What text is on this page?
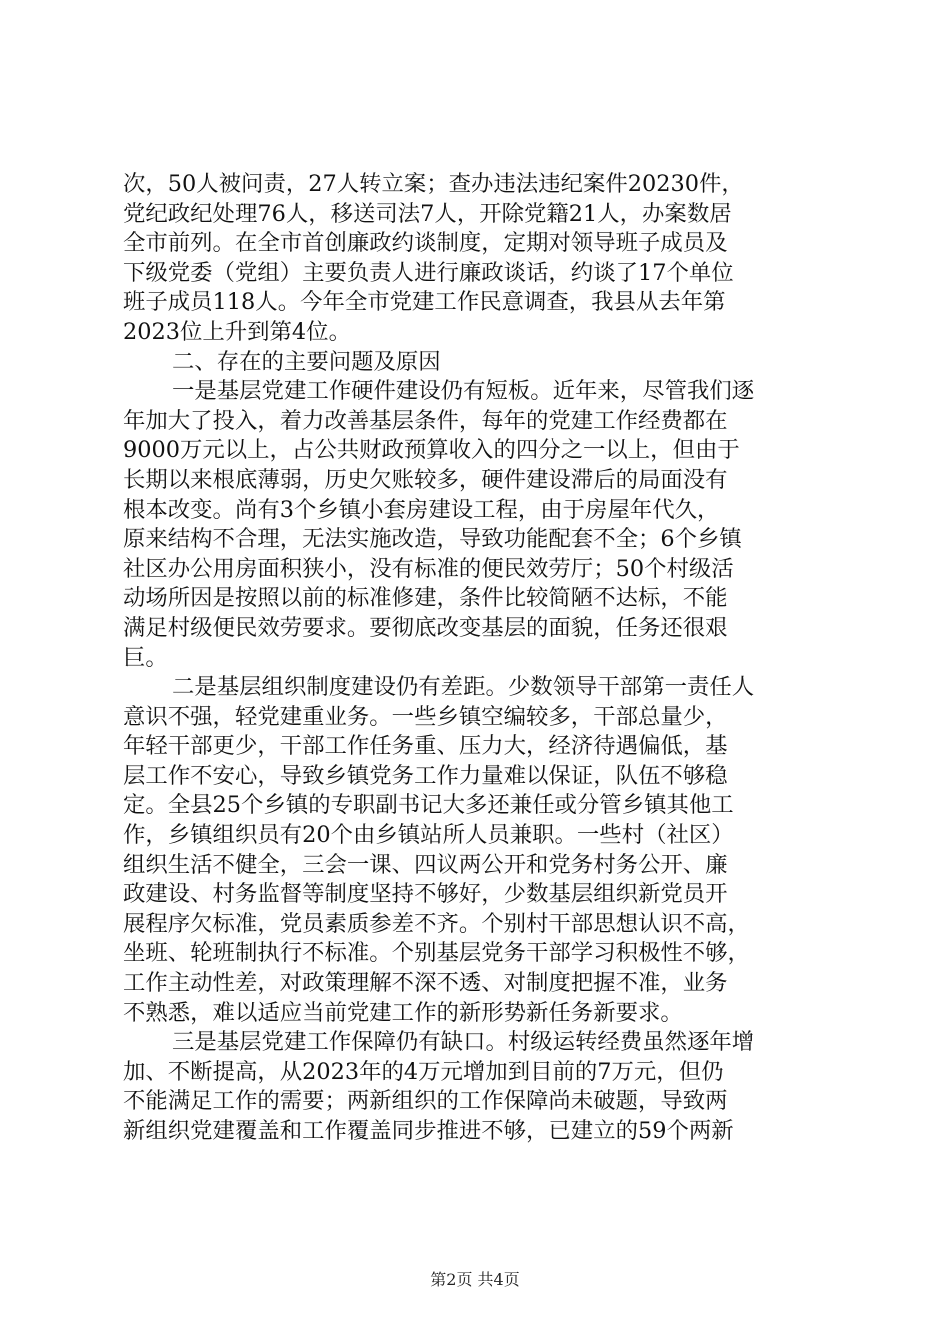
次，50人被问责，27人转立案；查办违法违纪案件20230件，
党纪政纪处理76人，移送司法7人，开除党籍21人，办案数居
全市前列。在全市首创廉政约谈制度，定期对领导班子成员及
下级党委（党组）主要负责人进行廉政谈话，约谈了17个单位
班子成员118人。今年全市党建工作民意调查，我县从去年第
2023位上升到第4位。
二、存在的主要问题及原因
一是基层党建工作硬件建设仍有短板。近年来，尽管我们逐
年加大了投入，着力改善基层条件，每年的党建工作经费都在
9000万元以上，占公共财政预算收入的四分之一以上，但由于
长期以来根底薄弱，历史欠账较多，硬件建设滞后的局面没有
根本改变。尚有3个乡镇小套房建设工程，由于房屋年代久，
原来结构不合理，无法实施改造，导致功能配套不全；6个乡镇
社区办公用房面积狭小，没有标准的便民效劳厅；50个村级活
动场所因是按照以前的标准修建，条件比较简陋不达标，不能
满足村级便民效劳要求。要彻底改变基层的面貌，任务还很艰
巨。
二是基层组织制度建设仍有差距。少数领导干部第一责任人
意识不强，轻党建重业务。一些乡镇空编较多，干部总量少，
年轻干部更少，干部工作任务重、压力大，经济待遇偏低，基
层工作不安心，导致乡镇党务工作力量难以保证，队伍不够稳
定。全县25个乡镇的专职副书记大多还兼任或分管乡镇其他工
作，乡镇组织员有20个由乡镇站所人员兼职。一些村（社区）
组织生活不健全，三会一课、四议两公开和党务村务公开、廉
政建设、村务监督等制度坚持不够好，少数基层组织新党员开
展程序欠标准，党员素质参差不齐。个别村干部思想认识不高，
坐班、轮班制执行不标准。个别基层党务干部学习积极性不够，
工作主动性差，对政策理解不深不透、对制度把握不准，业务
不熟悉，难以适应当前党建工作的新形势新任务新要求。
三是基层党建工作保障仍有缺口。村级运转经费虽然逐年增
加、不断提高，从2023年的4万元增加到目前的7万元，但仍
不能满足工作的需要；两新组织的工作保障尚未破题，导致两
新组织党建覆盖和工作覆盖同步推进不够，已建立的59个两新
第2页 共4页
